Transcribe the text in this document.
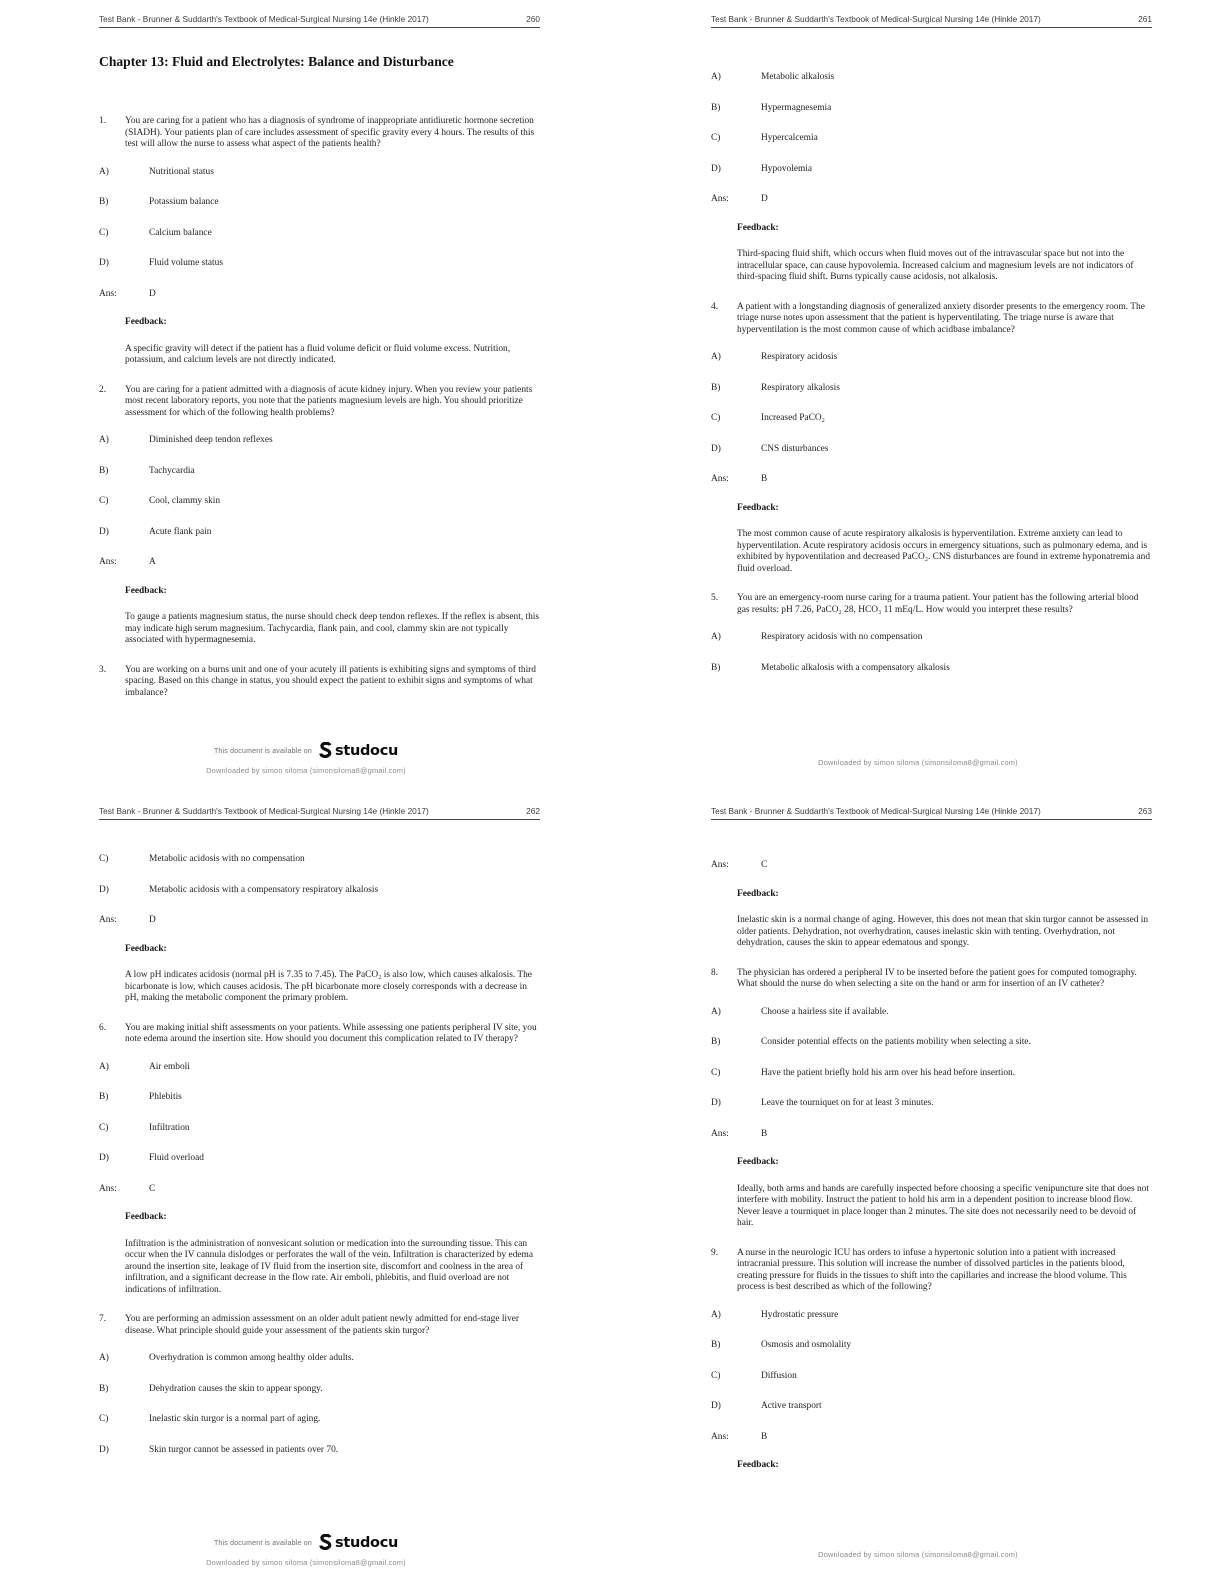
Test Bank - Brunner & Suddarth's Textbook of Medical-Surgical Nursing 14e (Hinkle 2017)	260
Chapter 13: Fluid and Electrolytes: Balance and Disturbance
1.	You are caring for a patient who has a diagnosis of syndrome of inappropriate antidiuretic hormone secretion (SIADH). Your patients plan of care includes assessment of specific gravity every 4 hours. The results of this test will allow the nurse to assess what aspect of the patients health?
A)	Nutritional status
B)	Potassium balance
C)	Calcium balance
D)	Fluid volume status
Ans:	D
Feedback:
A specific gravity will detect if the patient has a fluid volume deficit or fluid volume excess. Nutrition, potassium, and calcium levels are not directly indicated.
2.	You are caring for a patient admitted with a diagnosis of acute kidney injury. When you review your patients most recent laboratory reports, you note that the patients magnesium levels are high. You should prioritize assessment for which of the following health problems?
A)	Diminished deep tendon reflexes
B)	Tachycardia
C)	Cool, clammy skin
D)	Acute flank pain
Ans:	A
Feedback:
To gauge a patients magnesium status, the nurse should check deep tendon reflexes. If the reflex is absent, this may indicate high serum magnesium. Tachycardia, flank pain, and cool, clammy skin are not typically associated with hypermagnesemia.
3.	You are working on a burns unit and one of your acutely ill patients is exhibiting signs and symptoms of third spacing. Based on this change in status, you should expect the patient to exhibit signs and symptoms of what imbalance?
This document is available on studocu
Downloaded by simon siloma (simonsiloma8@gmail.com)
Test Bank - Brunner & Suddarth's Textbook of Medical-Surgical Nursing 14e (Hinkle 2017)	261
A)	Metabolic alkalosis
B)	Hypermagnesemia
C)	Hypercalcemia
D)	Hypovolemia
Ans:	D
Feedback:
Third-spacing fluid shift, which occurs when fluid moves out of the intravascular space but not into the intracellular space, can cause hypovolemia. Increased calcium and magnesium levels are not indicators of third-spacing fluid shift. Burns typically cause acidosis, not alkalosis.
4.	A patient with a longstanding diagnosis of generalized anxiety disorder presents to the emergency room. The triage nurse notes upon assessment that the patient is hyperventilating. The triage nurse is aware that hyperventilation is the most common cause of which acidbase imbalance?
A)	Respiratory acidosis
B)	Respiratory alkalosis
C)	Increased PaCO₂
D)	CNS disturbances
Ans:	B
Feedback:
The most common cause of acute respiratory alkalosis is hyperventilation. Extreme anxiety can lead to hyperventilation. Acute respiratory acidosis occurs in emergency situations, such as pulmonary edema, and is exhibited by hypoventilation and decreased PaCO₂. CNS disturbances are found in extreme hyponatremia and fluid overload.
5.	You are an emergency-room nurse caring for a trauma patient. Your patient has the following arterial blood gas results: pH 7.26, PaCO₂ 28, HCO₃ 11 mEq/L. How would you interpret these results?
A)	Respiratory acidosis with no compensation
B)	Metabolic alkalosis with a compensatory alkalosis
Downloaded by simon siloma (simonsiloma8@gmail.com)
Test Bank - Brunner & Suddarth's Textbook of Medical-Surgical Nursing 14e (Hinkle 2017)	262
C)	Metabolic acidosis with no compensation
D)	Metabolic acidosis with a compensatory respiratory alkalosis
Ans:	D
Feedback:
A low pH indicates acidosis (normal pH is 7.35 to 7.45). The PaCO₂ is also low, which causes alkalosis. The bicarbonate is low, which causes acidosis. The pH bicarbonate more closely corresponds with a decrease in pH, making the metabolic component the primary problem.
6.	You are making initial shift assessments on your patients. While assessing one patients peripheral IV site, you note edema around the insertion site. How should you document this complication related to IV therapy?
A)	Air emboli
B)	Phlebitis
C)	Infiltration
D)	Fluid overload
Ans:	C
Feedback:
Infiltration is the administration of nonvesicant solution or medication into the surrounding tissue. This can occur when the IV cannula dislodges or perforates the wall of the vein. Infiltration is characterized by edema around the insertion site, leakage of IV fluid from the insertion site, discomfort and coolness in the area of infiltration, and a significant decrease in the flow rate. Air emboli, phlebitis, and fluid overload are not indications of infiltration.
7.	You are performing an admission assessment on an older adult patient newly admitted for end-stage liver disease. What principle should guide your assessment of the patients skin turgor?
A)	Overhydration is common among healthy older adults.
B)	Dehydration causes the skin to appear spongy.
C)	Inelastic skin turgor is a normal part of aging.
D)	Skin turgor cannot be assessed in patients over 70.
This document is available on studocu
Downloaded by simon siloma (simonsiloma8@gmail.com)
Test Bank - Brunner & Suddarth's Textbook of Medical-Surgical Nursing 14e (Hinkle 2017)	263
Ans:	C
Feedback:
Inelastic skin is a normal change of aging. However, this does not mean that skin turgor cannot be assessed in older patients. Dehydration, not overhydration, causes inelastic skin with tenting. Overhydration, not dehydration, causes the skin to appear edematous and spongy.
8.	The physician has ordered a peripheral IV to be inserted before the patient goes for computed tomography. What should the nurse do when selecting a site on the hand or arm for insertion of an IV catheter?
A)	Choose a hairless site if available.
B)	Consider potential effects on the patients mobility when selecting a site.
C)	Have the patient briefly hold his arm over his head before insertion.
D)	Leave the tourniquet on for at least 3 minutes.
Ans:	B
Feedback:
Ideally, both arms and hands are carefully inspected before choosing a specific venipuncture site that does not interfere with mobility. Instruct the patient to hold his arm in a dependent position to increase blood flow. Never leave a tourniquet in place longer than 2 minutes. The site does not necessarily need to be devoid of hair.
9.	A nurse in the neurologic ICU has orders to infuse a hypertonic solution into a patient with increased intracranial pressure. This solution will increase the number of dissolved particles in the patients blood, creating pressure for fluids in the tissues to shift into the capillaries and increase the blood volume. This process is best described as which of the following?
A)	Hydrostatic pressure
B)	Osmosis and osmolality
C)	Diffusion
D)	Active transport
Ans:	B
Feedback:
Downloaded by simon siloma (simonsiloma8@gmail.com)
